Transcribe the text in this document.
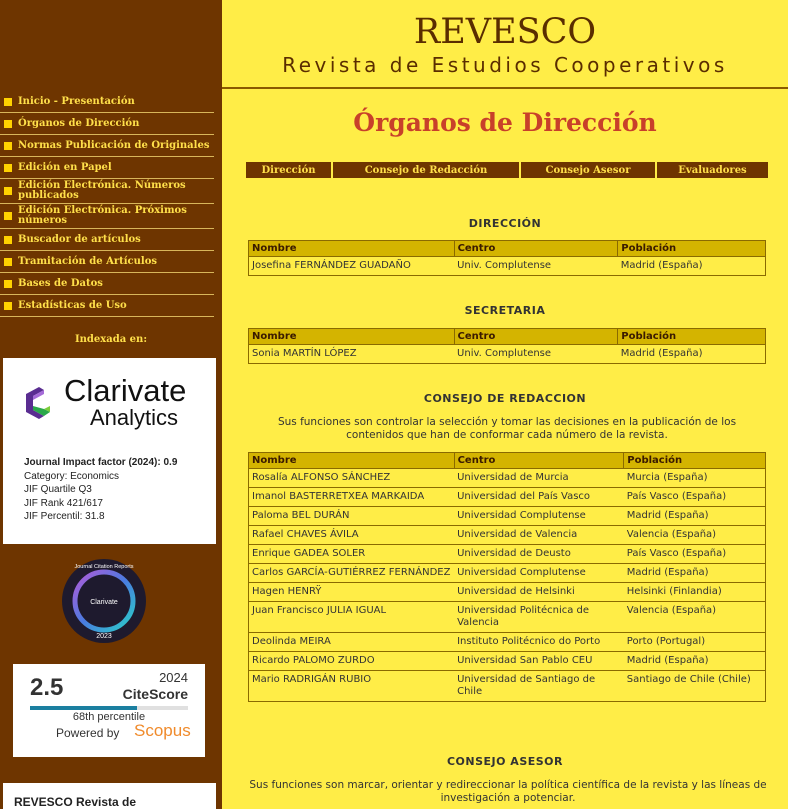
Inicio - Presentación
Órganos de Dirección
Normas Publicación de Originales
Edición en Papel
Edición Electrónica. Números publicados
Edición Electrónica. Próximos números
Buscador de artículos
Tramitación de Artículos
Bases de Datos
Estadísticas de Uso
Indexada en:
Clarivate
Analytics
Journal Impact factor (2024): 0.9
Category: Economics
JIF Quartile Q3
JIF Rank 421/617
JIF Percentil: 31.8
Clarivate
2023
Journal Citation Reports
2.5	2024
CiteScore
68th percentile
Powered by Scopus
REVESCO Revista de
REVESCO
Revista de Estudios Cooperativos
Órganos de Dirección
Dirección	Consejo de Redacción	Consejo Asesor	Evaluadores
DIRECCIÓN
Nombre	Centro	Población
Josefina FERNÁNDEZ GUADAÑO	Univ. Complutense	Madrid (España)
SECRETARIA
Nombre	Centro	Población
Sonia MARTÍN LÓPEZ	Univ. Complutense	Madrid (España)
CONSEJO DE REDACCION
Sus funciones son controlar la selección y tomar las decisiones en la publicación de los contenidos que han de conformar cada número de la revista.
Nombre	Centro	Población
Rosalía ALFONSO SÁNCHEZ	Universidad de Murcia	Murcia (España)
Imanol BASTERRETXEA MARKAIDA	Universidad del País Vasco	País Vasco (España)
Paloma BEL DURÁN	Universidad Complutense	Madrid (España)
Rafael CHAVES ÁVILA	Universidad de Valencia	Valencia (España)
Enrique GADEA SOLER	Universidad de Deusto	País Vasco (España)
Carlos GARCÍA-GUTIÉRREZ FERNÁNDEZ	Universidad Complutense	Madrid (España)
Hagen HENRŸ	Universidad de Helsinki	Helsinki (Finlandia)
Juan Francisco JULIA IGUAL	Universidad Politécnica de Valencia	Valencia (España)
Deolinda MEIRA	Instituto Politécnico do Porto	Porto (Portugal)
Ricardo PALOMO ZURDO	Universidad San Pablo CEU	Madrid (España)
Mario RADRIGÁN RUBIO	Universidad de Santiago de Chile	Santiago de Chile (Chile)
CONSEJO ASESOR
Sus funciones son marcar, orientar y redireccionar la política científica de la revista y las líneas de investigación a potenciar.
